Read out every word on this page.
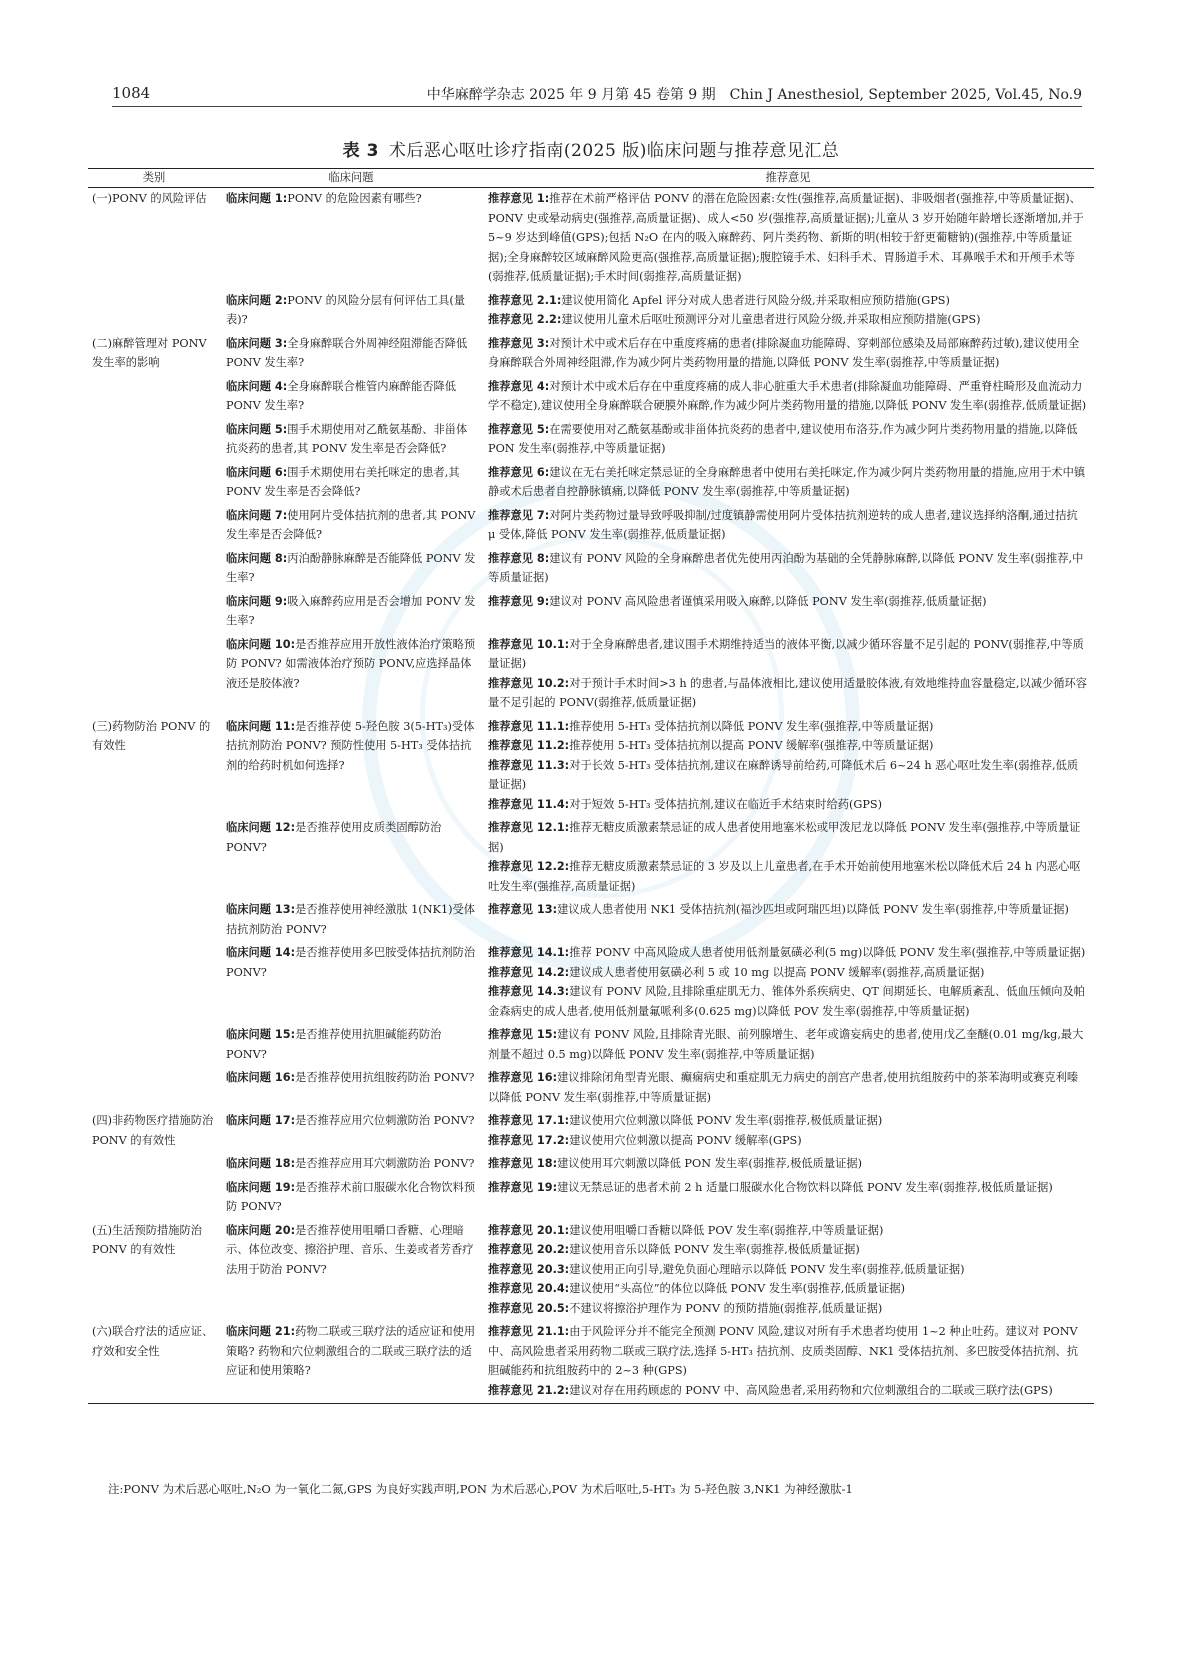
1084	中华麻醉学杂志 2025 年 9 月第 45 卷第 9 期　Chin J Anesthesiol, September 2025, Vol.45, No.9
表 3 术后恶心呕吐诊疗指南(2025 版)临床问题与推荐意见汇总
类别	临床问题	推荐意见
(一)PONV 的风险评估	临床问题 1:PONV 的危险因素有哪些?	推荐意见 1:推荐在术前严格评估 PONV 的潜在危险因素:女性(强推荐,高质量证据)、非吸烟者(强推荐,中等质量证据)、PONV 史或晕动病史(强推荐,高质量证据)、成人<50 岁(强推荐,高质量证据);儿童从 3 岁开始随年龄增长逐渐增加,并于 5~9 岁达到峰值(GPS);包括 N₂O 在内的吸入麻醉药、阿片类药物、新斯的明(相较于舒更葡糖钠)(强推荐,中等质量证据);全身麻醉较区域麻醉风险更高(强推荐,高质量证据);腹腔镜手术、妇科手术、胃肠道手术、耳鼻喉手术和开颅手术等(弱推荐,低质量证据);手术时间(弱推荐,高质量证据)

	临床问题 2:PONV 的风险分层有何评估工具(量表)?	推荐意见 2.1:建议使用简化 Apfel 评分对成人患者进行风险分级,并采取相应预防措施(GPS)
推荐意见 2.2:建议使用儿童术后呕吐预测评分对儿童患者进行风险分级,并采取相应预防措施(GPS)

(二)麻醉管理对 PONV 发生率的影响	临床问题 3:全身麻醉联合外周神经阻滞能否降低 PONV 发生率?	推荐意见 3:对预计术中或术后存在中重度疼痛的患者(排除凝血功能障碍、穿刺部位感染及局部麻醉药过敏),建议使用全身麻醉联合外周神经阻滞,作为减少阿片类药物用量的措施,以降低 PONV 发生率(弱推荐,中等质量证据)

	临床问题 4:全身麻醉联合椎管内麻醉能否降低 PONV 发生率?	推荐意见 4:对预计术中或术后存在中重度疼痛的成人非心脏重大手术患者(排除凝血功能障碍、严重脊柱畸形及血流动力学不稳定),建议使用全身麻醉联合硬膜外麻醉,作为减少阿片类药物用量的措施,以降低 PONV 发生率(弱推荐,低质量证据)

	临床问题 5:围手术期使用对乙酰氨基酚、非甾体抗炎药的患者,其 PONV 发生率是否会降低?	推荐意见 5:在需要使用对乙酰氨基酚或非甾体抗炎药的患者中,建议使用布洛芬,作为减少阿片类药物用量的措施,以降低 PON 发生率(弱推荐,中等质量证据)

	临床问题 6:围手术期使用右美托咪定的患者,其 PONV 发生率是否会降低?	推荐意见 6:建议在无右美托咪定禁忌证的全身麻醉患者中使用右美托咪定,作为减少阿片类药物用量的措施,应用于术中镇静或术后患者自控静脉镇痛,以降低 PONV 发生率(弱推荐,中等质量证据)

	临床问题 7:使用阿片受体拮抗剂的患者,其 PONV 发生率是否会降低?	推荐意见 7:对阿片类药物过量导致呼吸抑制/过度镇静需使用阿片受体拮抗剂逆转的成人患者,建议选择纳洛酮,通过拮抗 μ 受体,降低 PONV 发生率(弱推荐,低质量证据)

	临床问题 8:丙泊酚静脉麻醉是否能降低 PONV 发生率?	推荐意见 8:建议有 PONV 风险的全身麻醉患者优先使用丙泊酚为基础的全凭静脉麻醉,以降低 PONV 发生率(弱推荐,中等质量证据)

	临床问题 9:吸入麻醉药应用是否会增加 PONV 发生率?	推荐意见 9:建议对 PONV 高风险患者谨慎采用吸入麻醉,以降低 PONV 发生率(弱推荐,低质量证据)

	临床问题 10:是否推荐应用开放性液体治疗策略预防 PONV? 如需液体治疗预防 PONV,应选择晶体液还是胶体液?	推荐意见 10.1:对于全身麻醉患者,建议围手术期维持适当的液体平衡,以减少循环容量不足引起的 PONV(弱推荐,中等质量证据)
推荐意见 10.2:对于预计手术时间>3 h 的患者,与晶体液相比,建议使用适量胶体液,有效地维持血容量稳定,以减少循环容量不足引起的 PONV(弱推荐,低质量证据)

(三)药物防治 PONV 的有效性	临床问题 11:是否推荐使 5-羟色胺 3(5-HT₃)受体拮抗剂防治 PONV? 预防性使用 5-HT₃ 受体拮抗剂的给药时机如何选择?	推荐意见 11.1:推荐使用 5-HT₃ 受体拮抗剂以降低 PONV 发生率(强推荐,中等质量证据)
推荐意见 11.2:推荐使用 5-HT₃ 受体拮抗剂以提高 PONV 缓解率(强推荐,中等质量证据)
推荐意见 11.3:对于长效 5-HT₃ 受体拮抗剂,建议在麻醉诱导前给药,可降低术后 6~24 h 恶心呕吐发生率(弱推荐,低质量证据)
推荐意见 11.4:对于短效 5-HT₃ 受体拮抗剂,建议在临近手术结束时给药(GPS)

	临床问题 12:是否推荐使用皮质类固醇防治 PONV?	推荐意见 12.1:推荐无糖皮质激素禁忌证的成人患者使用地塞米松或甲泼尼龙以降低 PONV 发生率(强推荐,中等质量证据)
推荐意见 12.2:推荐无糖皮质激素禁忌证的 3 岁及以上儿童患者,在手术开始前使用地塞米松以降低术后 24 h 内恶心呕吐发生率(强推荐,高质量证据)

	临床问题 13:是否推荐使用神经激肽 1(NK1)受体拮抗剂防治 PONV?	推荐意见 13:建议成人患者使用 NK1 受体拮抗剂(福沙匹坦或阿瑞匹坦)以降低 PONV 发生率(弱推荐,中等质量证据)

	临床问题 14:是否推荐使用多巴胺受体拮抗剂防治 PONV?	推荐意见 14.1:推荐 PONV 中高风险成人患者使用低剂量氨磺必利(5 mg)以降低 PONV 发生率(强推荐,中等质量证据)
推荐意见 14.2:建议成人患者使用氨磺必利 5 或 10 mg 以提高 PONV 缓解率(弱推荐,高质量证据)
推荐意见 14.3:建议有 PONV 风险,且排除重症肌无力、锥体外系疾病史、QT 间期延长、电解质紊乱、低血压倾向及帕金森病史的成人患者,使用低剂量氟哌利多(0.625 mg)以降低 POV 发生率(弱推荐,中等质量证据)

	临床问题 15:是否推荐使用抗胆碱能药防治 PONV?	推荐意见 15:建议有 PONV 风险,且排除青光眼、前列腺增生、老年或谵妄病史的患者,使用戊乙奎醚(0.01 mg/kg,最大剂量不超过 0.5 mg)以降低 PONV 发生率(弱推荐,中等质量证据)

	临床问题 16:是否推荐使用抗组胺药防治 PONV?	推荐意见 16:建议排除闭角型青光眼、癫痫病史和重症肌无力病史的剖宫产患者,使用抗组胺药中的茶苯海明或赛克利嗪以降低 PONV 发生率(弱推荐,中等质量证据)

(四)非药物医疗措施防治 PONV 的有效性	临床问题 17:是否推荐应用穴位刺激防治 PONV?	推荐意见 17.1:建议使用穴位刺激以降低 PONV 发生率(弱推荐,极低质量证据)
推荐意见 17.2:建议使用穴位刺激以提高 PONV 缓解率(GPS)

	临床问题 18:是否推荐应用耳穴刺激防治 PONV?	推荐意见 18:建议使用耳穴刺激以降低 PON 发生率(弱推荐,极低质量证据)

	临床问题 19:是否推荐术前口服碳水化合物饮料预防 PONV?	推荐意见 19:建议无禁忌证的患者术前 2 h 适量口服碳水化合物饮料以降低 PONV 发生率(弱推荐,极低质量证据)

(五)生活预防措施防治 PONV 的有效性	临床问题 20:是否推荐使用咀嚼口香糖、心理暗示、体位改变、擦浴护理、音乐、生姜或者芳香疗法用于防治 PONV?	推荐意见 20.1:建议使用咀嚼口香糖以降低 POV 发生率(弱推荐,中等质量证据)
推荐意见 20.2:建议使用音乐以降低 PONV 发生率(弱推荐,极低质量证据)
推荐意见 20.3:建议使用正向引导,避免负面心理暗示以降低 PONV 发生率(弱推荐,低质量证据)
推荐意见 20.4:建议使用“头高位”的体位以降低 PONV 发生率(弱推荐,低质量证据)
推荐意见 20.5:不建议将擦浴护理作为 PONV 的预防措施(弱推荐,低质量证据)

(六)联合疗法的适应证、疗效和安全性	临床问题 21:药物二联或三联疗法的适应证和使用策略? 药物和穴位刺激组合的二联或三联疗法的适应证和使用策略?	推荐意见 21.1:由于风险评分并不能完全预测 PONV 风险,建议对所有手术患者均使用 1~2 种止吐药。建议对 PONV 中、高风险患者采用药物二联或三联疗法,选择 5-HT₃ 拮抗剂、皮质类固醇、NK1 受体拮抗剂、多巴胺受体拮抗剂、抗胆碱能药和抗组胺药中的 2~3 种(GPS)
推荐意见 21.2:建议对存在用药顾虑的 PONV 中、高风险患者,采用药物和穴位刺激组合的二联或三联疗法(GPS)
注:PONV 为术后恶心呕吐,N₂O 为一氧化二氮,GPS 为良好实践声明,PON 为术后恶心,POV 为术后呕吐,5-HT₃ 为 5-羟色胺 3,NK1 为神经激肽-1
